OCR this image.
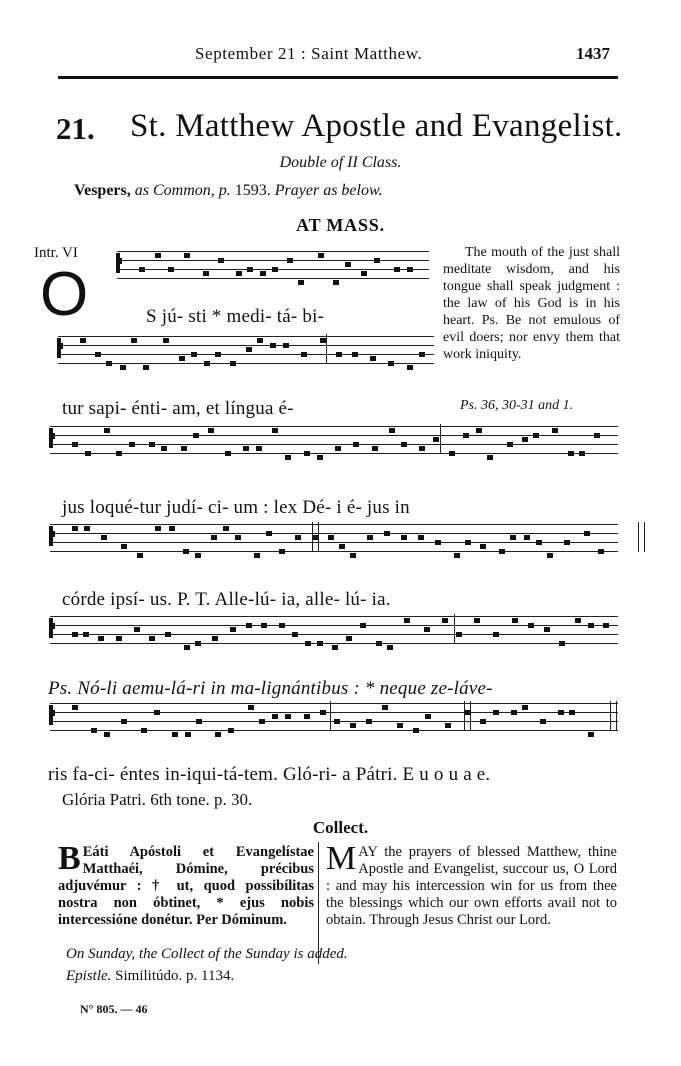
September 21 : Saint Matthew.	1437
21. St. Matthew Apostle and Evangelist.
Double of II Class.
Vespers, as Common, p. 1593. Prayer as below.
AT MASS.
Intr. VI
O
The mouth of the just shall meditate wisdom, and his tongue shall speak judgment : the law of his God is in his heart. Ps. Be not emulous of evil doers; nor envy them that work iniquity.
Ps. 36, 30-31 and 1.
S jú- sti * medi- tá- bi-
tur sapi- énti- am, et língua é-
jus loqué-tur judí- ci- um : lex Dé- i é- jus in
córde ipsí- us. P. T. Alle-lú- ia, alle- lú- ia.
Ps. Nó-li aemu-lá-ri in ma-lignántibus : * neque ze-láve-
ris fa-ci- éntes in-iqui-tá-tem. Gló-ri- a Pátri. E u o u a e.
Glória Patri. 6th tone. p. 30.
Collect.
B Eáti Apóstoli et Evangelístae Matthaéi, Dómine, précibus adjuvémur : † ut, quod possibílitas nostra non óbtinet, * ejus nobis intercessióne donétur. Per Dóminum.
M AY the prayers of blessed Matthew, thine Apostle and Evangelist, succour us, O Lord : and may his intercession win for us from thee the blessings which our own efforts avail not to obtain. Through Jesus Christ our Lord.
On Sunday, the Collect of the Sunday is added.
Epistle. Similitúdo. p. 1134.
N° 805. — 46
